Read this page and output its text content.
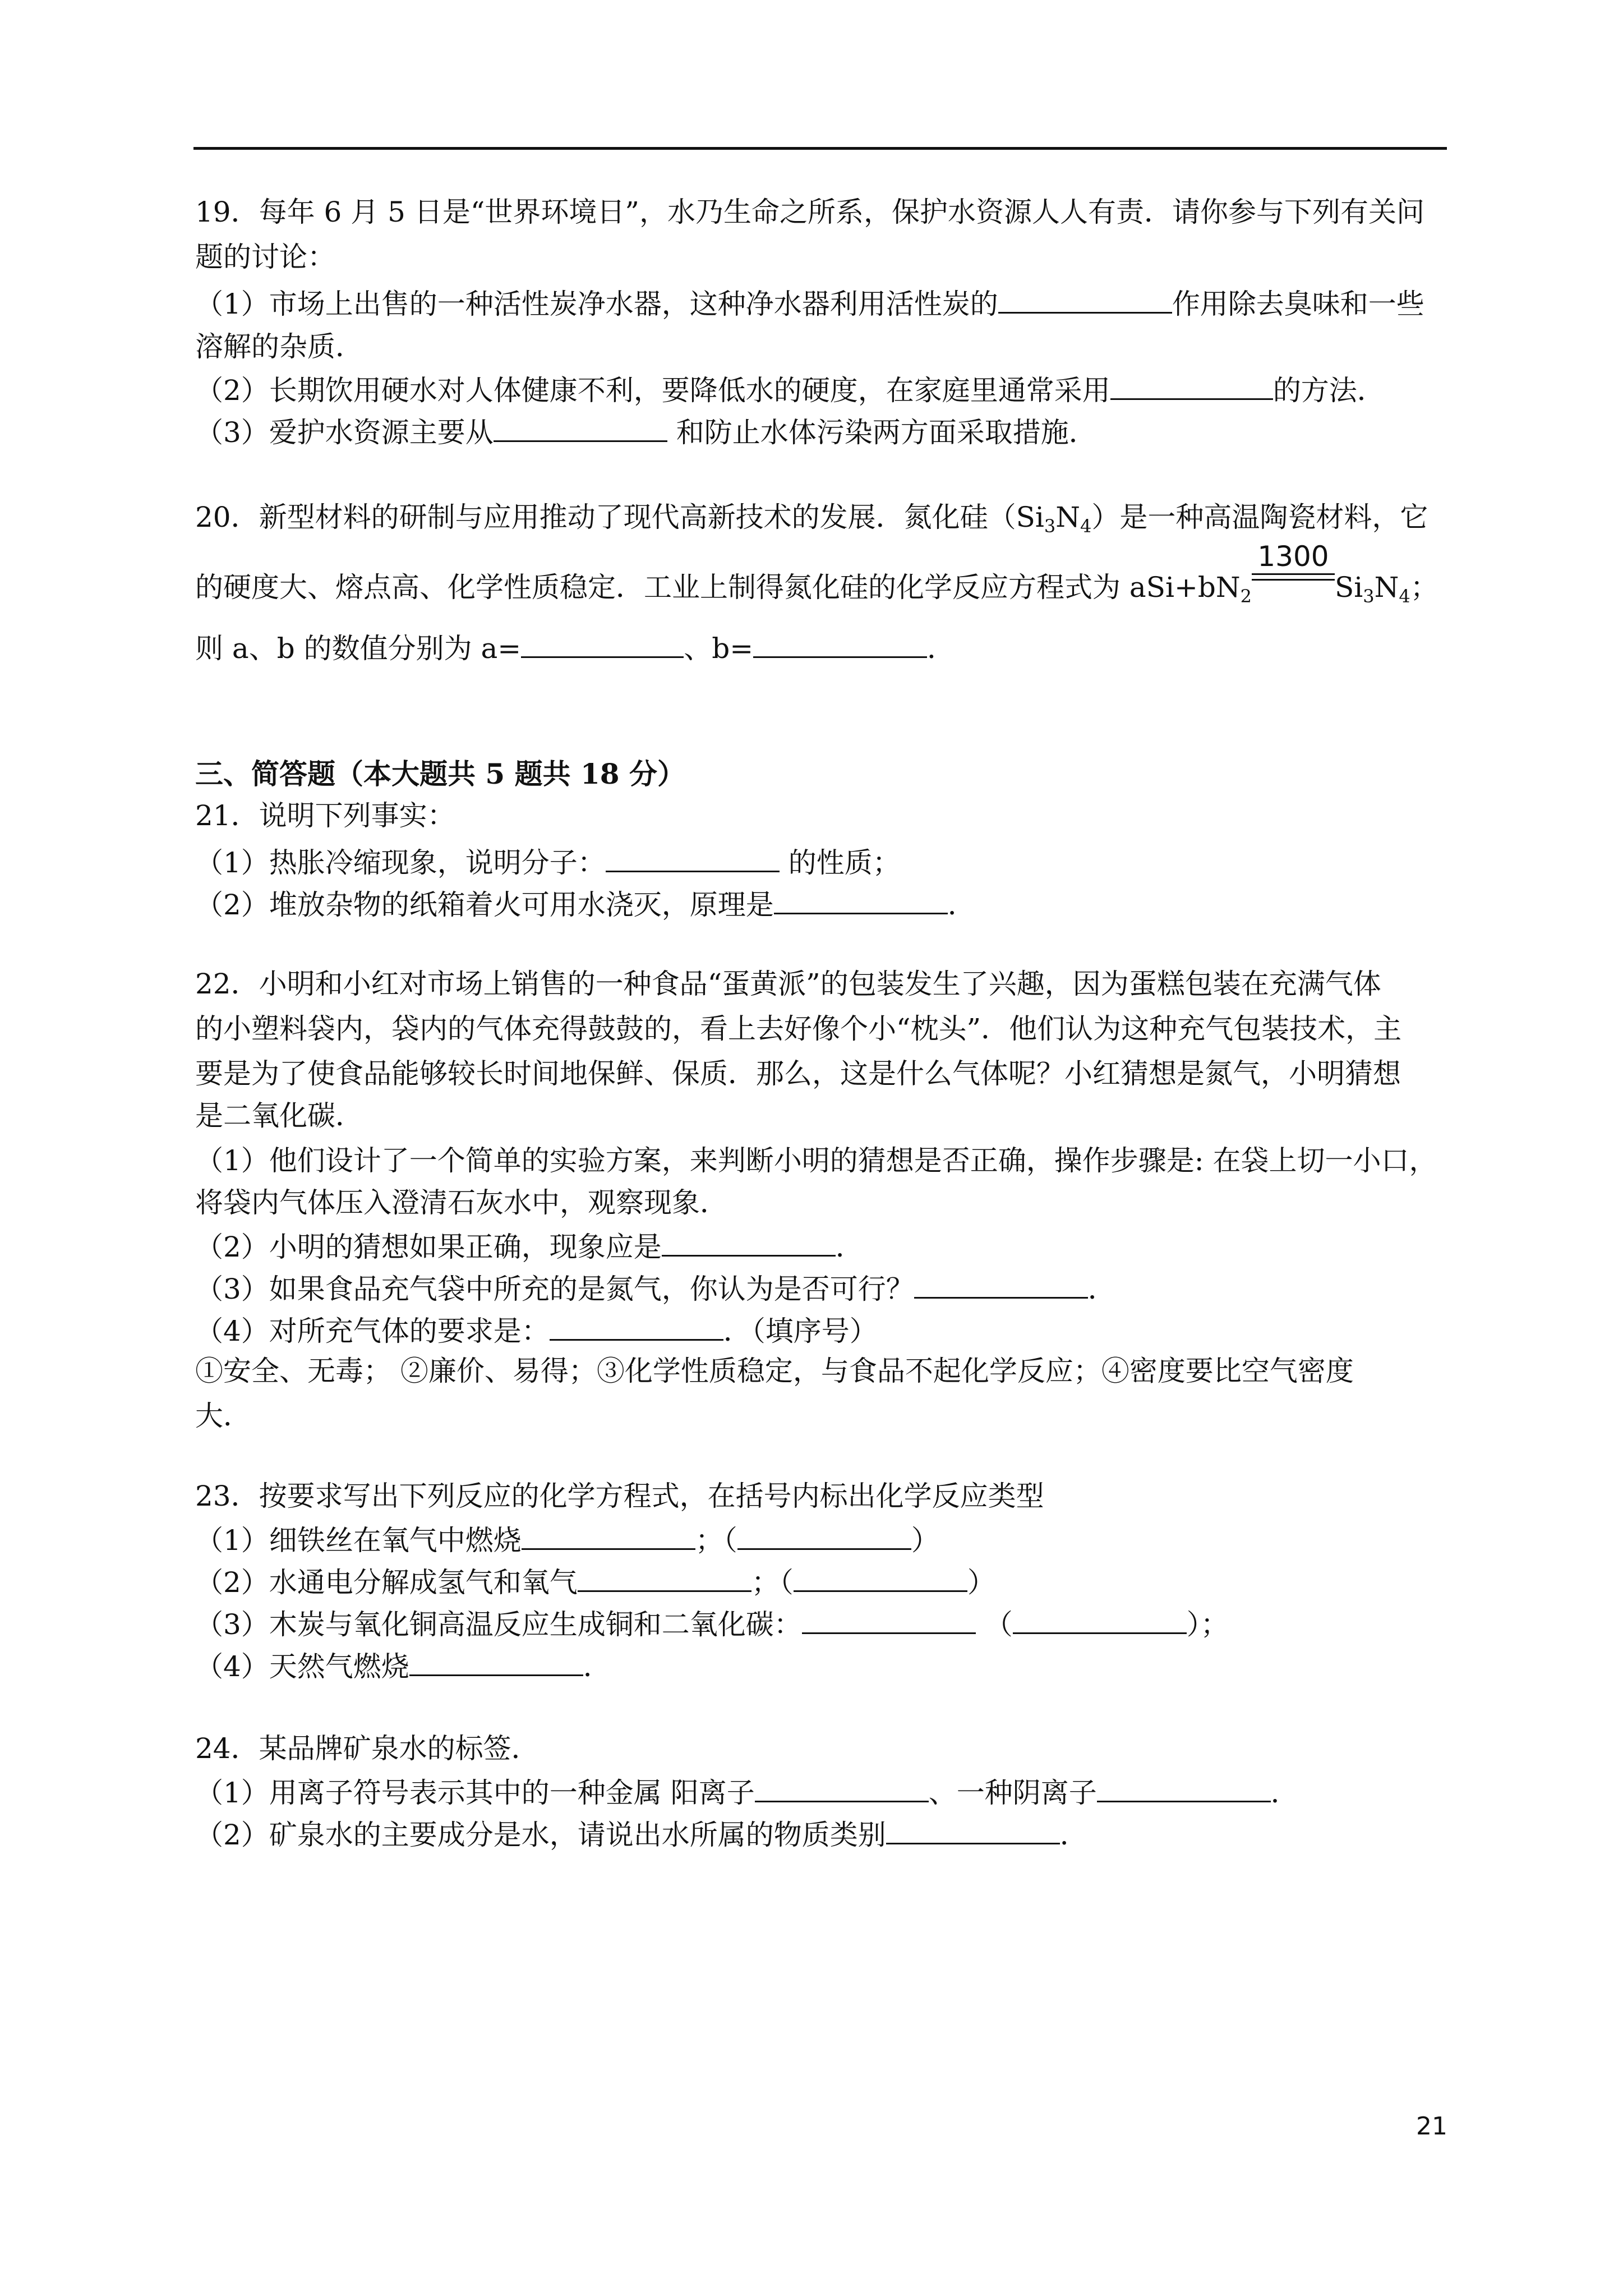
19．每年 6 月 5 日是“世界环境日”，水乃生命之所系，保护水资源人人有责．请你参与下列有关问
题的讨论：
（1）市场上出售的一种活性炭净水器，这种净水器利用活性炭的	作用除去臭味和一些
溶解的杂质．
（2）长期饮用硬水对人体健康不利，要降低水的硬度，在家庭里通常采用	的方法．
（3）爱护水资源主要从	和防止水体污染两方面采取措施．
20．新型材料的研制与应用推动了现代高新技术的发展．氮化硅$(Si_3N_4)$是一种高温陶瓷材料，它
的硬度大、熔点高、化学性质稳定．工业上制得氮化硅的化学反应方程式为 $aSi+bN_2$
1300
$Si_3N_4$；
则 a、b 的数值分别为 a=	、b=	．
三、简答题（本大题共 5 题共 18 分）
21．说明下列事实：
（1）热胀冷缩现象，说明分子：	的性质；
（2）堆放杂物的纸箱着火可用水浇灭，原理是	．
22．小明和小红对市场上销售的一种食品“蛋黄派”的包装发生了兴趣，因为蛋糕包装在充满气体
的小塑料袋内，袋内的气体充得鼓鼓的，看上去好像个小“枕头”．他们认为这种充气包装技术，主
要是为了使食品能够较长时间地保鲜、保质．那么，这是什么气体呢？小红猜想是氮气，小明猜想
是二氧化碳．
（1）他们设计了一个简单的实验方案，来判断小明的猜想是否正确，操作步骤是: 在袋上切一小口，
将袋内气体压入澄清石灰水中，观察现象．
（2）小明的猜想如果正确，现象应是	．
（3）如果食品充气袋中所充的是氮气，你认为是否可行？	．
（4）对所充气体的要求是：	．（填序号）
①安全、无毒； ②廉价、易得；③化学性质稳定，与食品不起化学反应；④密度要比空气密度
大．
23．按要求写出下列反应的化学方程式，在括号内标出化学反应类型
（1）细铁丝在氧气中燃烧	；（	）
（2）水通电分解成氢气和氧气	；（	）
（3）木炭与氧化铜高温反应生成铜和二氧化碳：	（	）；
（4）天然气燃烧	．
24．某品牌矿泉水的标签．
（1）用离子符号表示其中的一种金属 阳离子	、一种阴离子	．
（2）矿泉水的主要成分是水，请说出水所属的物质类别	．
21
